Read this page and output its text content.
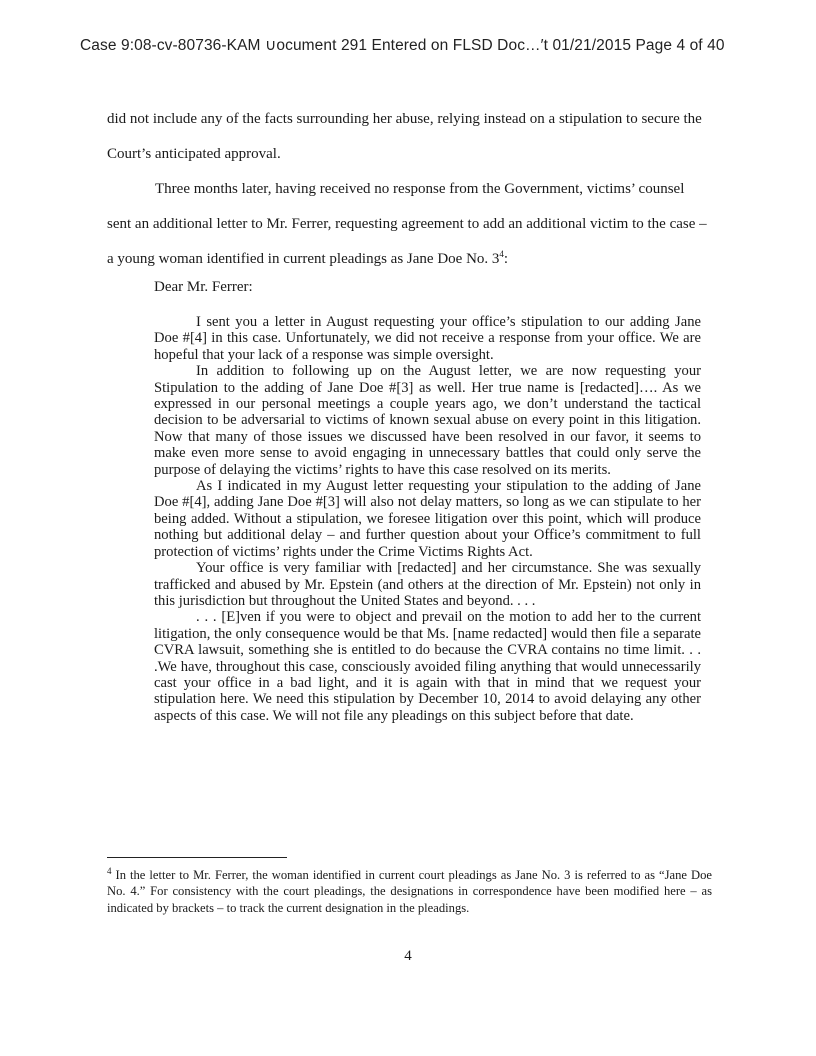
Case 9:08-cv-80736-KAM ∪ocument 291 Entered on FLSD Doc…′t 01/21/2015 Page 4 of 40

did not include any of the facts surrounding her abuse, relying instead on a stipulation to secure the Court’s anticipated approval.

Three months later, having received no response from the Government, victims’ counsel sent an additional letter to Mr. Ferrer, requesting agreement to add an additional victim to the case – a young woman identified in current pleadings as Jane Doe No. $3^4$:

Dear Mr. Ferrer:

I sent you a letter in August requesting your office’s stipulation to our adding Jane Doe #[4] in this case. Unfortunately, we did not receive a response from your office. We are hopeful that your lack of a response was simple oversight.

In addition to following up on the August letter, we are now requesting your Stipulation to the adding of Jane Doe #[3] as well. Her true name is [redacted]…. As we expressed in our personal meetings a couple years ago, we don’t understand the tactical decision to be adversarial to victims of known sexual abuse on every point in this litigation. Now that many of those issues we discussed have been resolved in our favor, it seems to make even more sense to avoid engaging in unnecessary battles that could only serve the purpose of delaying the victims’ rights to have this case resolved on its merits.

As I indicated in my August letter requesting your stipulation to the adding of Jane Doe #[4], adding Jane Doe #[3] will also not delay matters, so long as we can stipulate to her being added. Without a stipulation, we foresee litigation over this point, which will produce nothing but additional delay – and further question about your Office’s commitment to full protection of victims’ rights under the Crime Victims Rights Act.

Your office is very familiar with [redacted] and her circumstance. She was sexually trafficked and abused by Mr. Epstein (and others at the direction of Mr. Epstein) not only in this jurisdiction but throughout the United States and beyond. . . .

. . . [E]ven if you were to object and prevail on the motion to add her to the current litigation, the only consequence would be that Ms. [name redacted] would then file a separate CVRA lawsuit, something she is entitled to do because the CVRA contains no time limit. . . .We have, throughout this case, consciously avoided filing anything that would unnecessarily cast your office in a bad light, and it is again with that in mind that we request your stipulation here. We need this stipulation by December 10, 2014 to avoid delaying any other aspects of this case. We will not file any pleadings on this subject before that date.

$^4$ In the letter to Mr. Ferrer, the woman identified in current court pleadings as Jane No. 3 is referred to as “Jane Doe No. 4.” For consistency with the court pleadings, the designations in correspondence have been modified here – as indicated by brackets – to track the current designation in the pleadings.

4
